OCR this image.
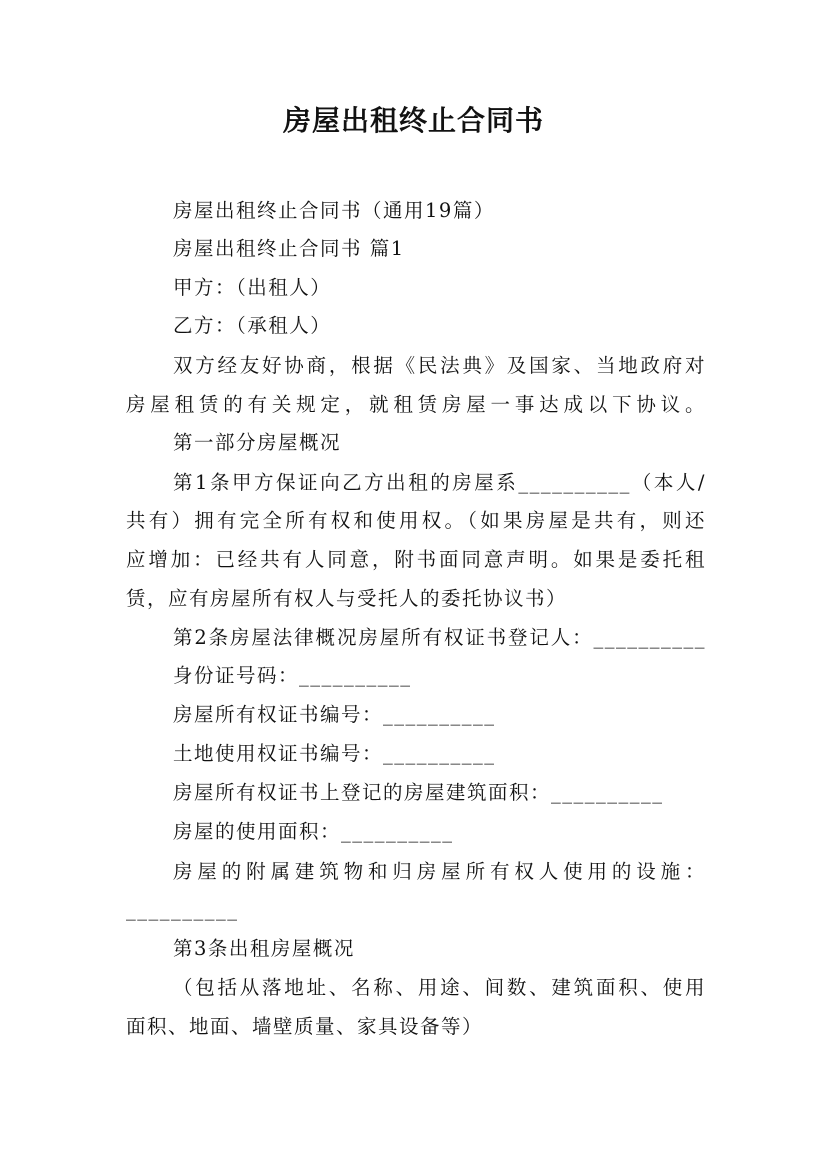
房屋出租终止合同书
房屋出租终止合同书（通用19篇）
房屋出租终止合同书 篇1
甲方：（出租人）
乙方：（承租人）
双方经友好协商，根据《民法典》及国家、当地政府对
房屋租赁的有关规定，就租赁房屋一事达成以下协议。
第一部分房屋概况
第1条甲方保证向乙方出租的房屋系__________（本人/
共有）拥有完全所有权和使用权。（如果房屋是共有，则还
应增加：已经共有人同意，附书面同意声明。如果是委托租
赁，应有房屋所有权人与受托人的委托协议书）
第2条房屋法律概况房屋所有权证书登记人：__________
身份证号码：__________
房屋所有权证书编号：__________
土地使用权证书编号：__________
房屋所有权证书上登记的房屋建筑面积：__________
房屋的使用面积：__________
房屋的附属建筑物和归房屋所有权人使用的设施：
__________
第3条出租房屋概况
（包括从落地址、名称、用途、间数、建筑面积、使用
面积、地面、墙壁质量、家具设备等）
